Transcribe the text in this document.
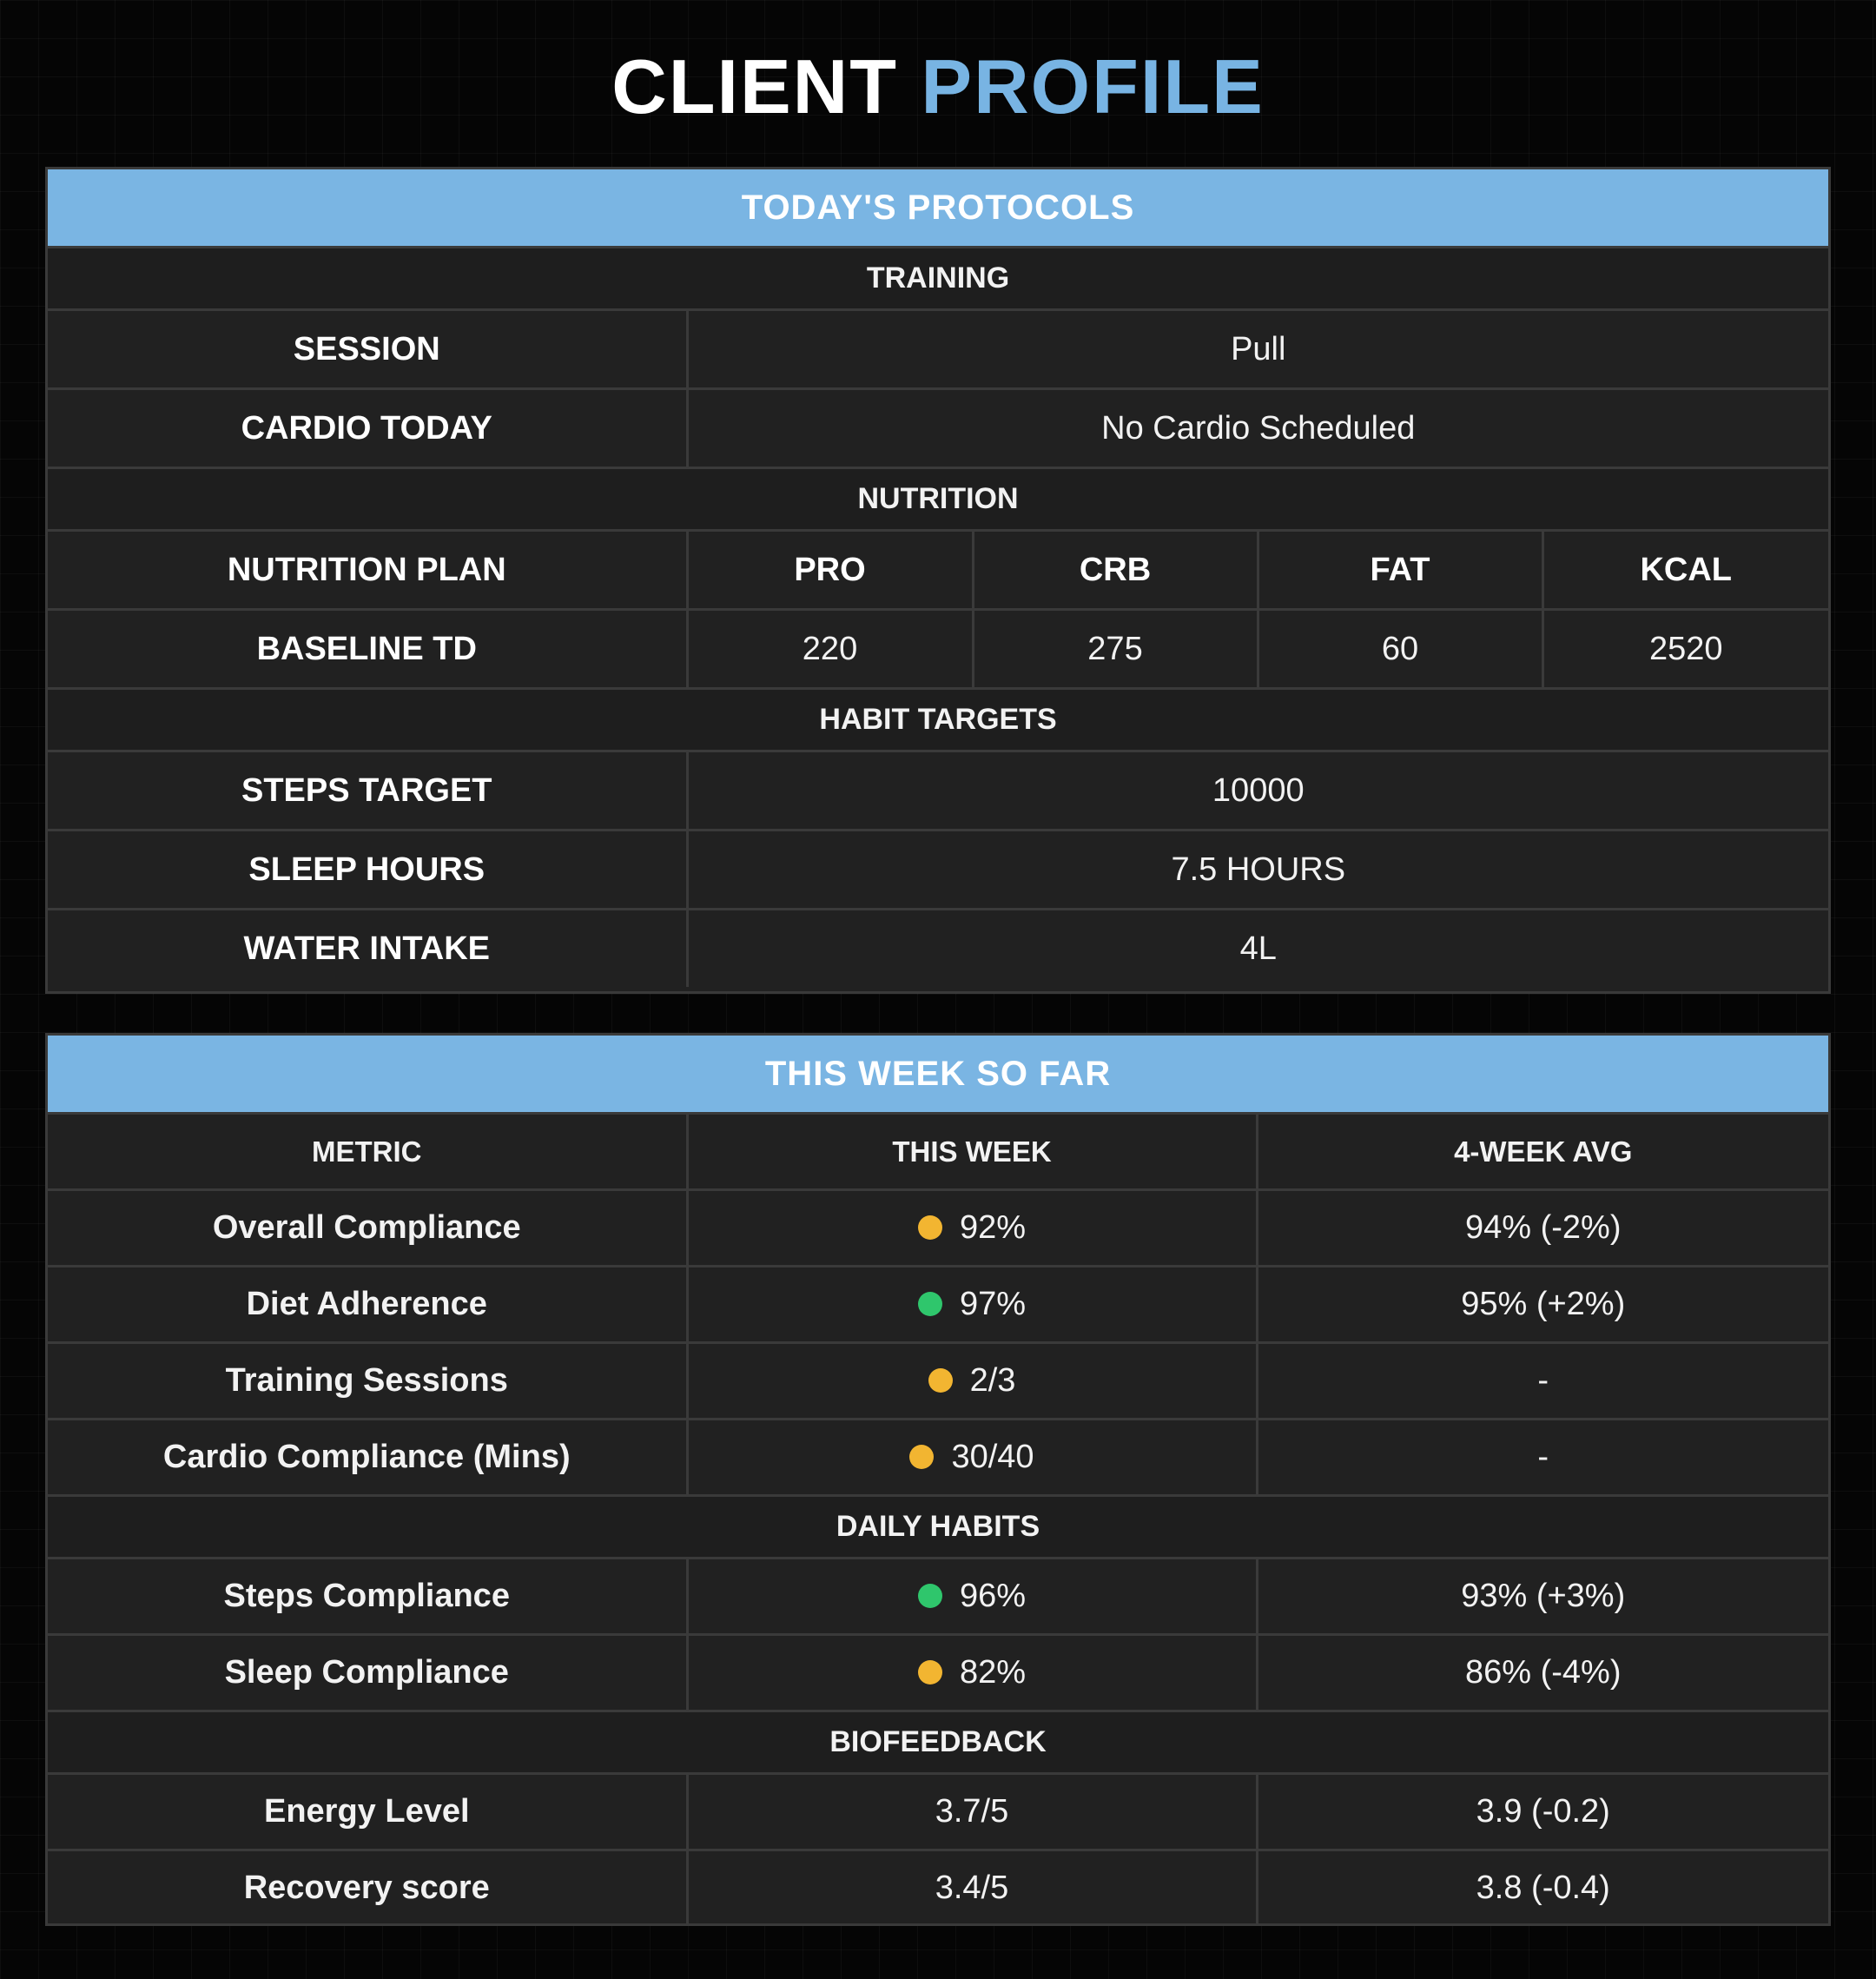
CLIENT PROFILE
TODAY'S PROTOCOLS
TRAINING				
SESSION	Pull			
CARDIO TODAY	No Cardio Scheduled			
NUTRITION				
NUTRITION PLAN	PRO	CRB	FAT	KCAL
BASELINE TD	220	275	60	2520
HABIT TARGETS				
STEPS TARGET	10000			
SLEEP HOURS	7.5 HOURS			
WATER INTAKE	4L			
THIS WEEK SO FAR
METRIC	THIS WEEK	4-WEEK AVG
Overall Compliance	92%	94% (-2%)
Diet Adherence	97%	95% (+2%)
Training Sessions	2/3	-
Cardio Compliance (Mins)	30/40	-
DAILY HABITS		
Steps Compliance	96%	93% (+3%)
Sleep Compliance	82%	86% (-4%)
BIOFEEDBACK		
Energy Level	3.7/5	3.9 (-0.2)
Recovery score	3.4/5	3.8 (-0.4)
